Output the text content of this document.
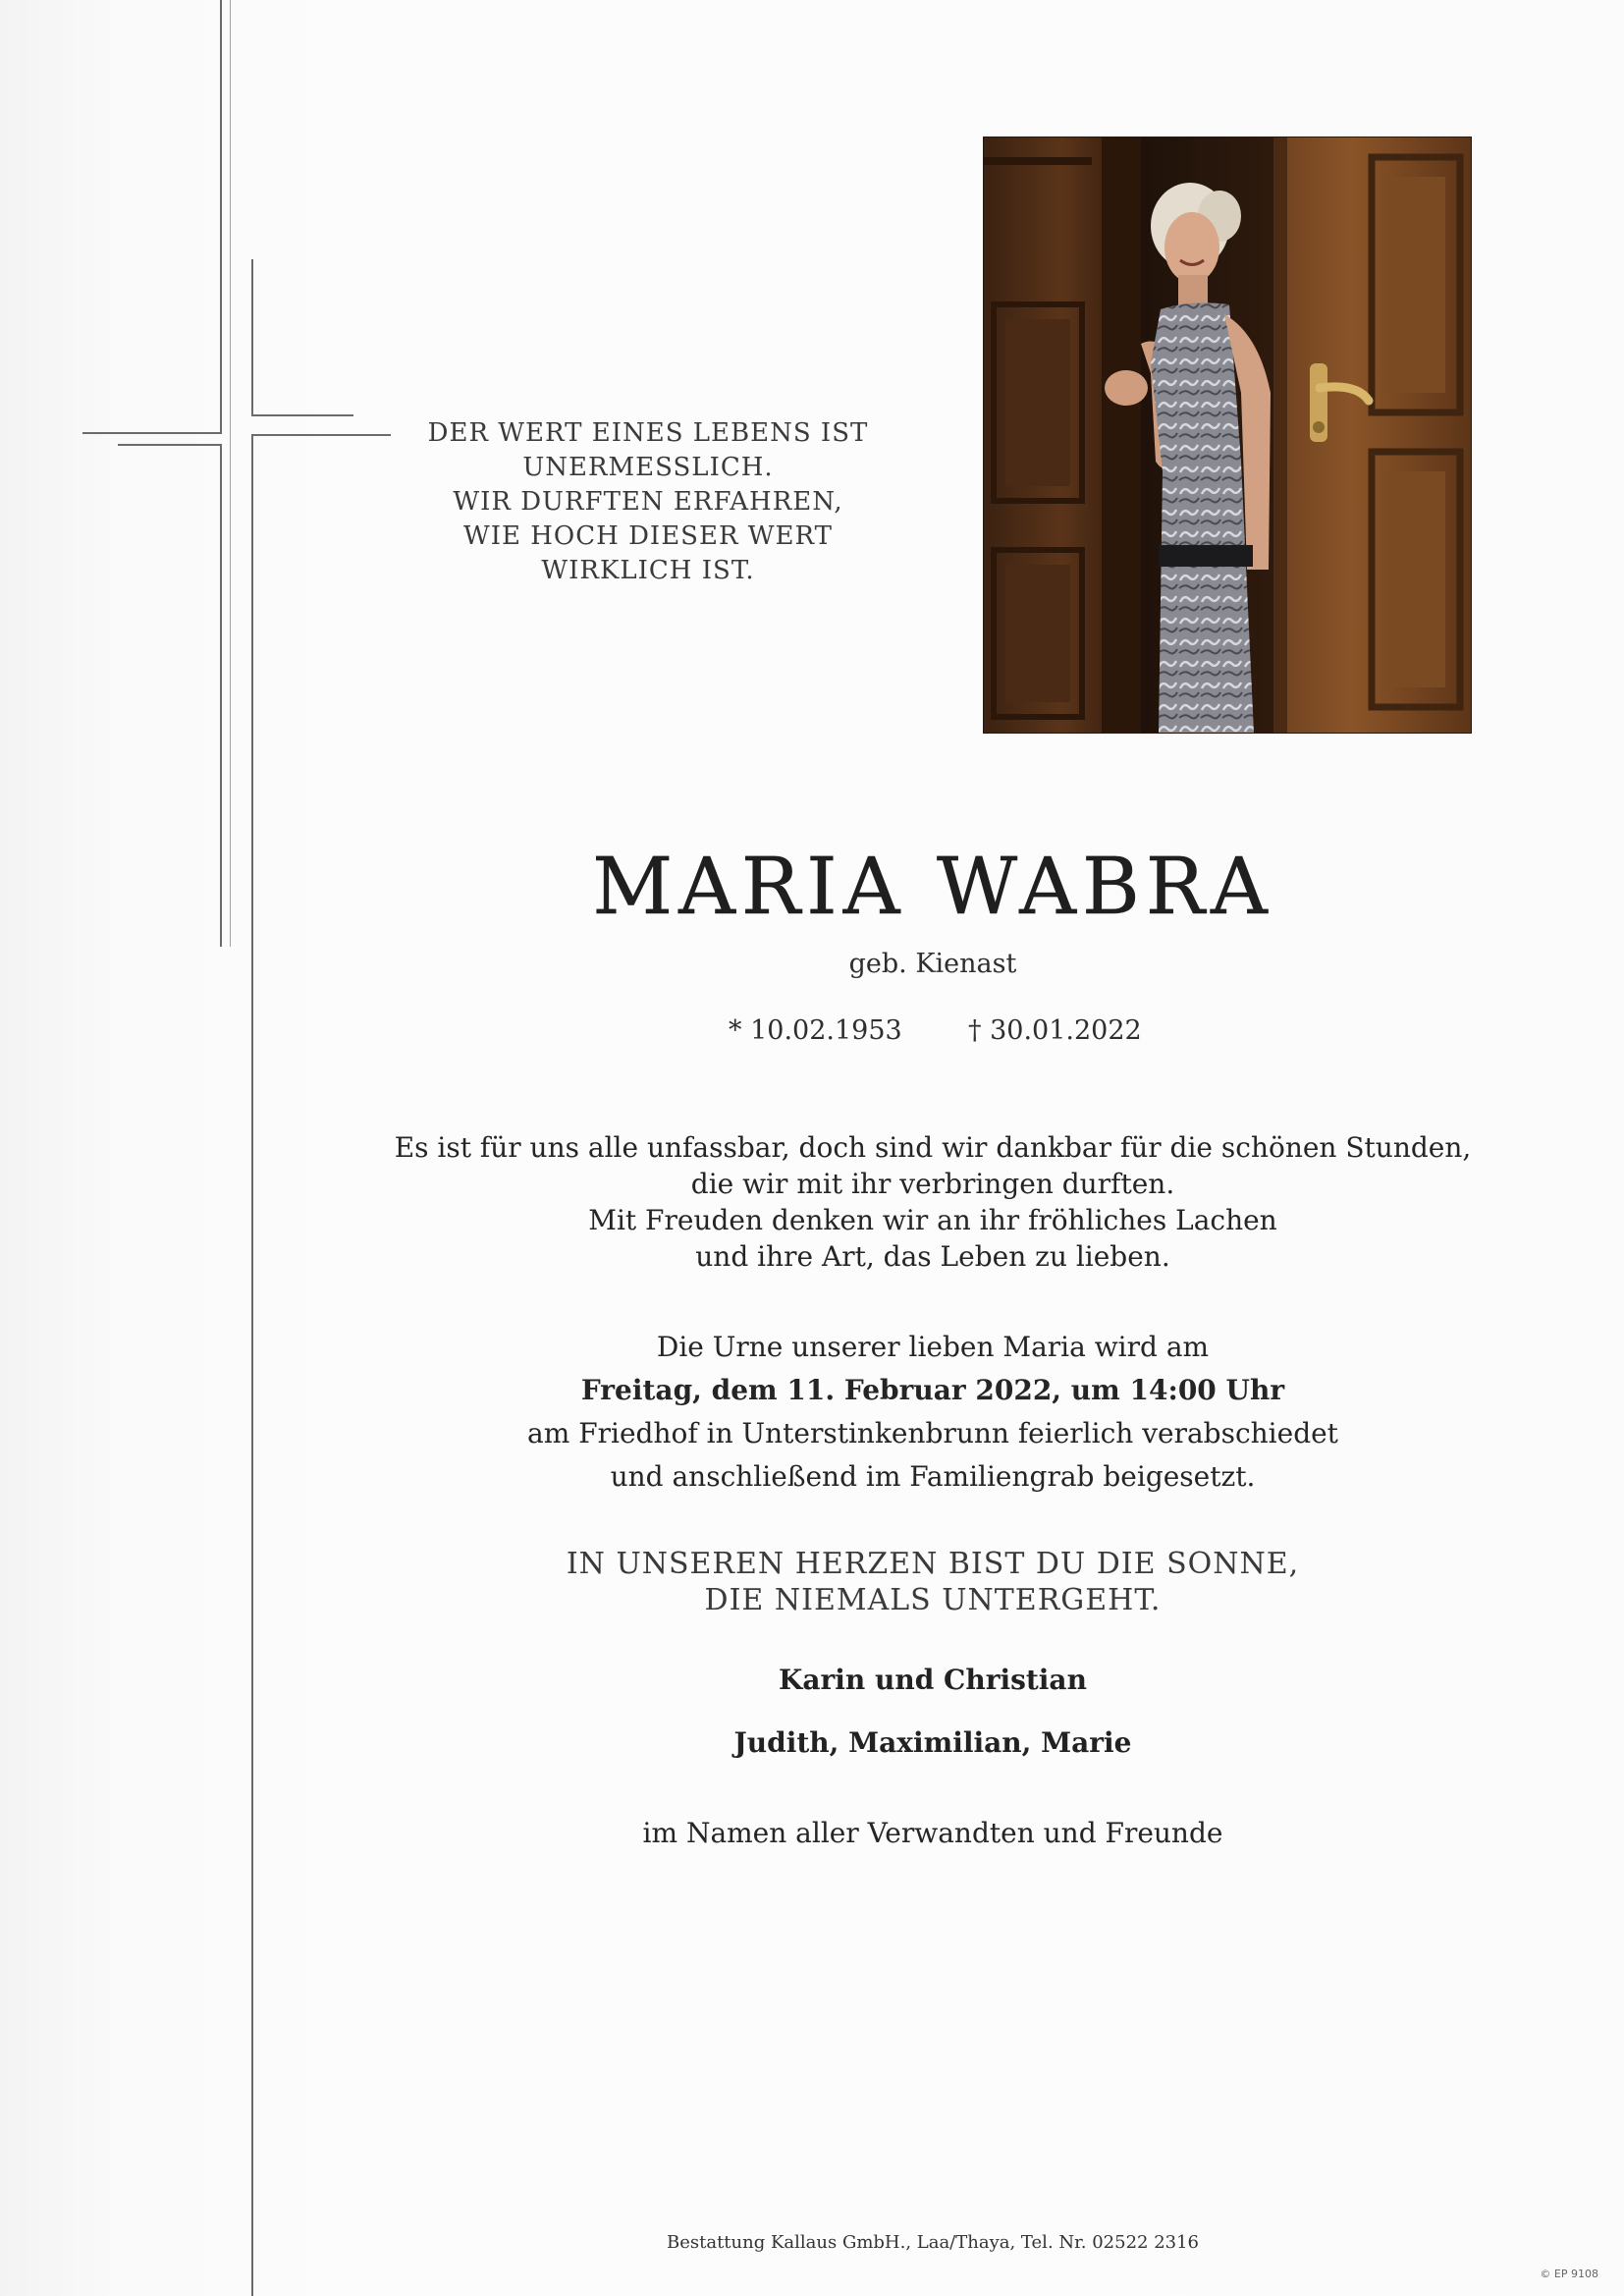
DER WERT EINES LEBENS IST
UNERMESSLICH.
WIR DURFTEN ERFAHREN,
WIE HOCH DIESER WERT
WIRKLICH IST.
MARIA WABRA
geb. Kienast
* 10.02.1953 † 30.01.2022
Es ist für uns alle unfassbar, doch sind wir dankbar für die schönen Stunden,
die wir mit ihr verbringen durften.
Mit Freuden denken wir an ihr fröhliches Lachen
und ihre Art, das Leben zu lieben.
Die Urne unserer lieben Maria wird am
Freitag, dem 11. Februar 2022, um 14:00 Uhr
am Friedhof in Unterstinkenbrunn feierlich verabschiedet
und anschließend im Familiengrab beigesetzt.
IN UNSEREN HERZEN BIST DU DIE SONNE,
DIE NIEMALS UNTERGEHT.
Karin und Christian
Judith, Maximilian, Marie
im Namen aller Verwandten und Freunde
Bestattung Kallaus GmbH., Laa/Thaya, Tel. Nr. 02522 2316
© EP 9108
